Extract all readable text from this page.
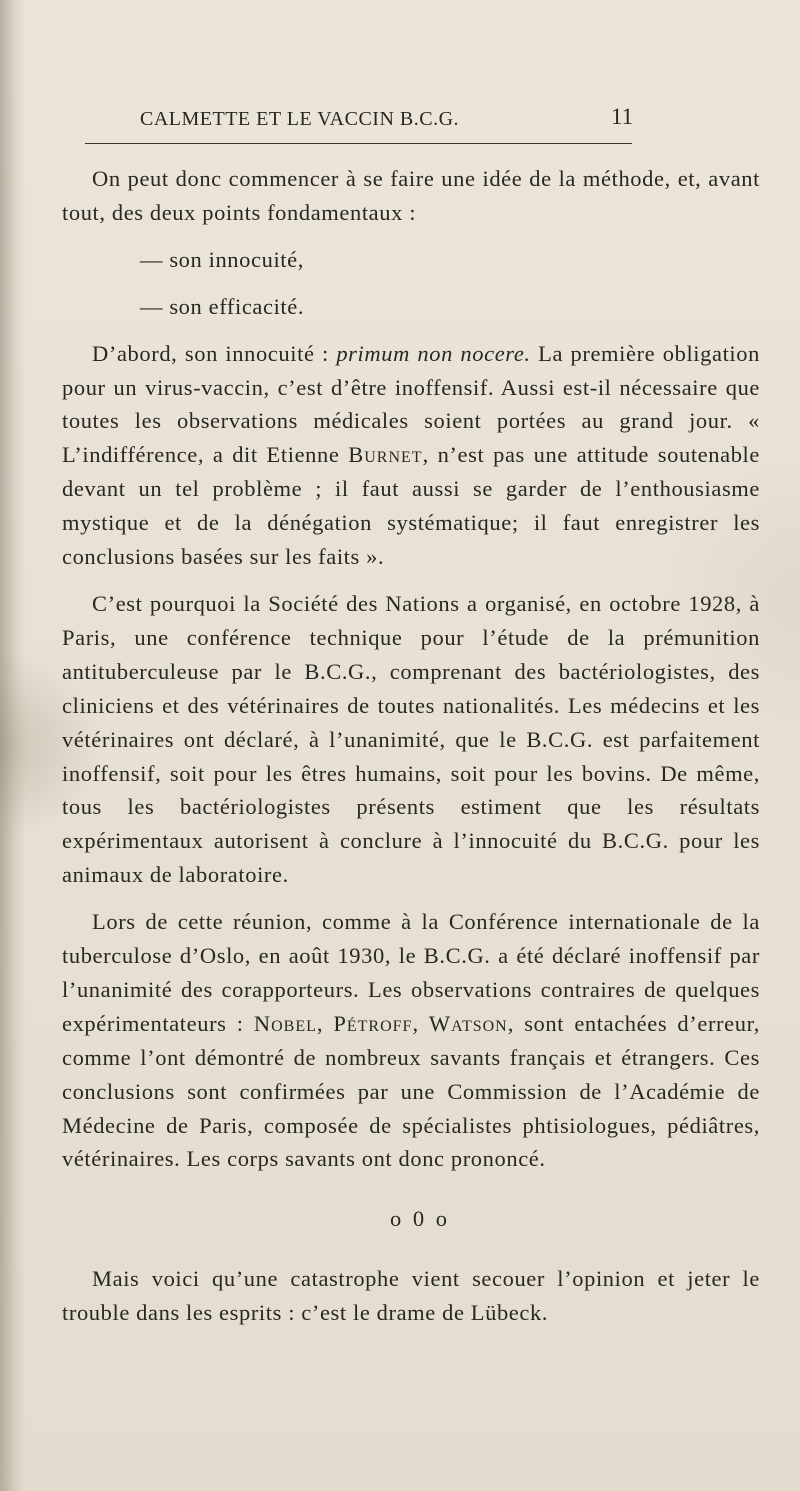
CALMETTE ET LE VACCIN B.C.G.	11

On peut donc commencer à se faire une idée de la méthode, et, avant tout, des deux points fondamentaux :

— son innocuité,

— son efficacité.

D’abord, son innocuité : primum non nocere. La première obligation pour un virus-vaccin, c’est d’être inoffensif. Aussi est-il nécessaire que toutes les observations médicales soient portées au grand jour. « L’indifférence, a dit Etienne Burnet, n’est pas une attitude soutenable devant un tel problème ; il faut aussi se garder de l’enthousiasme mystique et de la dénégation systématique; il faut enregistrer les conclusions basées sur les faits ».

C’est pourquoi la Société des Nations a organisé, en octobre 1928, à Paris, une conférence technique pour l’étude de la prémunition antituberculeuse par le B.C.G., comprenant des bactériologistes, des cliniciens et des vétérinaires de toutes nationalités. Les médecins et les vétérinaires ont déclaré, à l’unanimité, que le B.C.G. est parfaitement inoffensif, soit pour les êtres humains, soit pour les bovins. De même, tous les bactériologistes présents estiment que les résultats expérimentaux autorisent à conclure à l’innocuité du B.C.G. pour les animaux de laboratoire.

Lors de cette réunion, comme à la Conférence internationale de la tuberculose d’Oslo, en août 1930, le B.C.G. a été déclaré inoffensif par l’unanimité des corapporteurs. Les observations contraires de quelques expérimentateurs : Nobel, Pétroff, Watson, sont entachées d’erreur, comme l’ont démontré de nombreux savants français et étrangers. Ces conclusions sont confirmées par une Commission de l’Académie de Médecine de Paris, composée de spécialistes phtisiologues, pédiâtres, vétérinaires. Les corps savants ont donc prononcé.

o 0 o

Mais voici qu’une catastrophe vient secouer l’opinion et jeter le trouble dans les esprits : c’est le drame de Lübeck.
